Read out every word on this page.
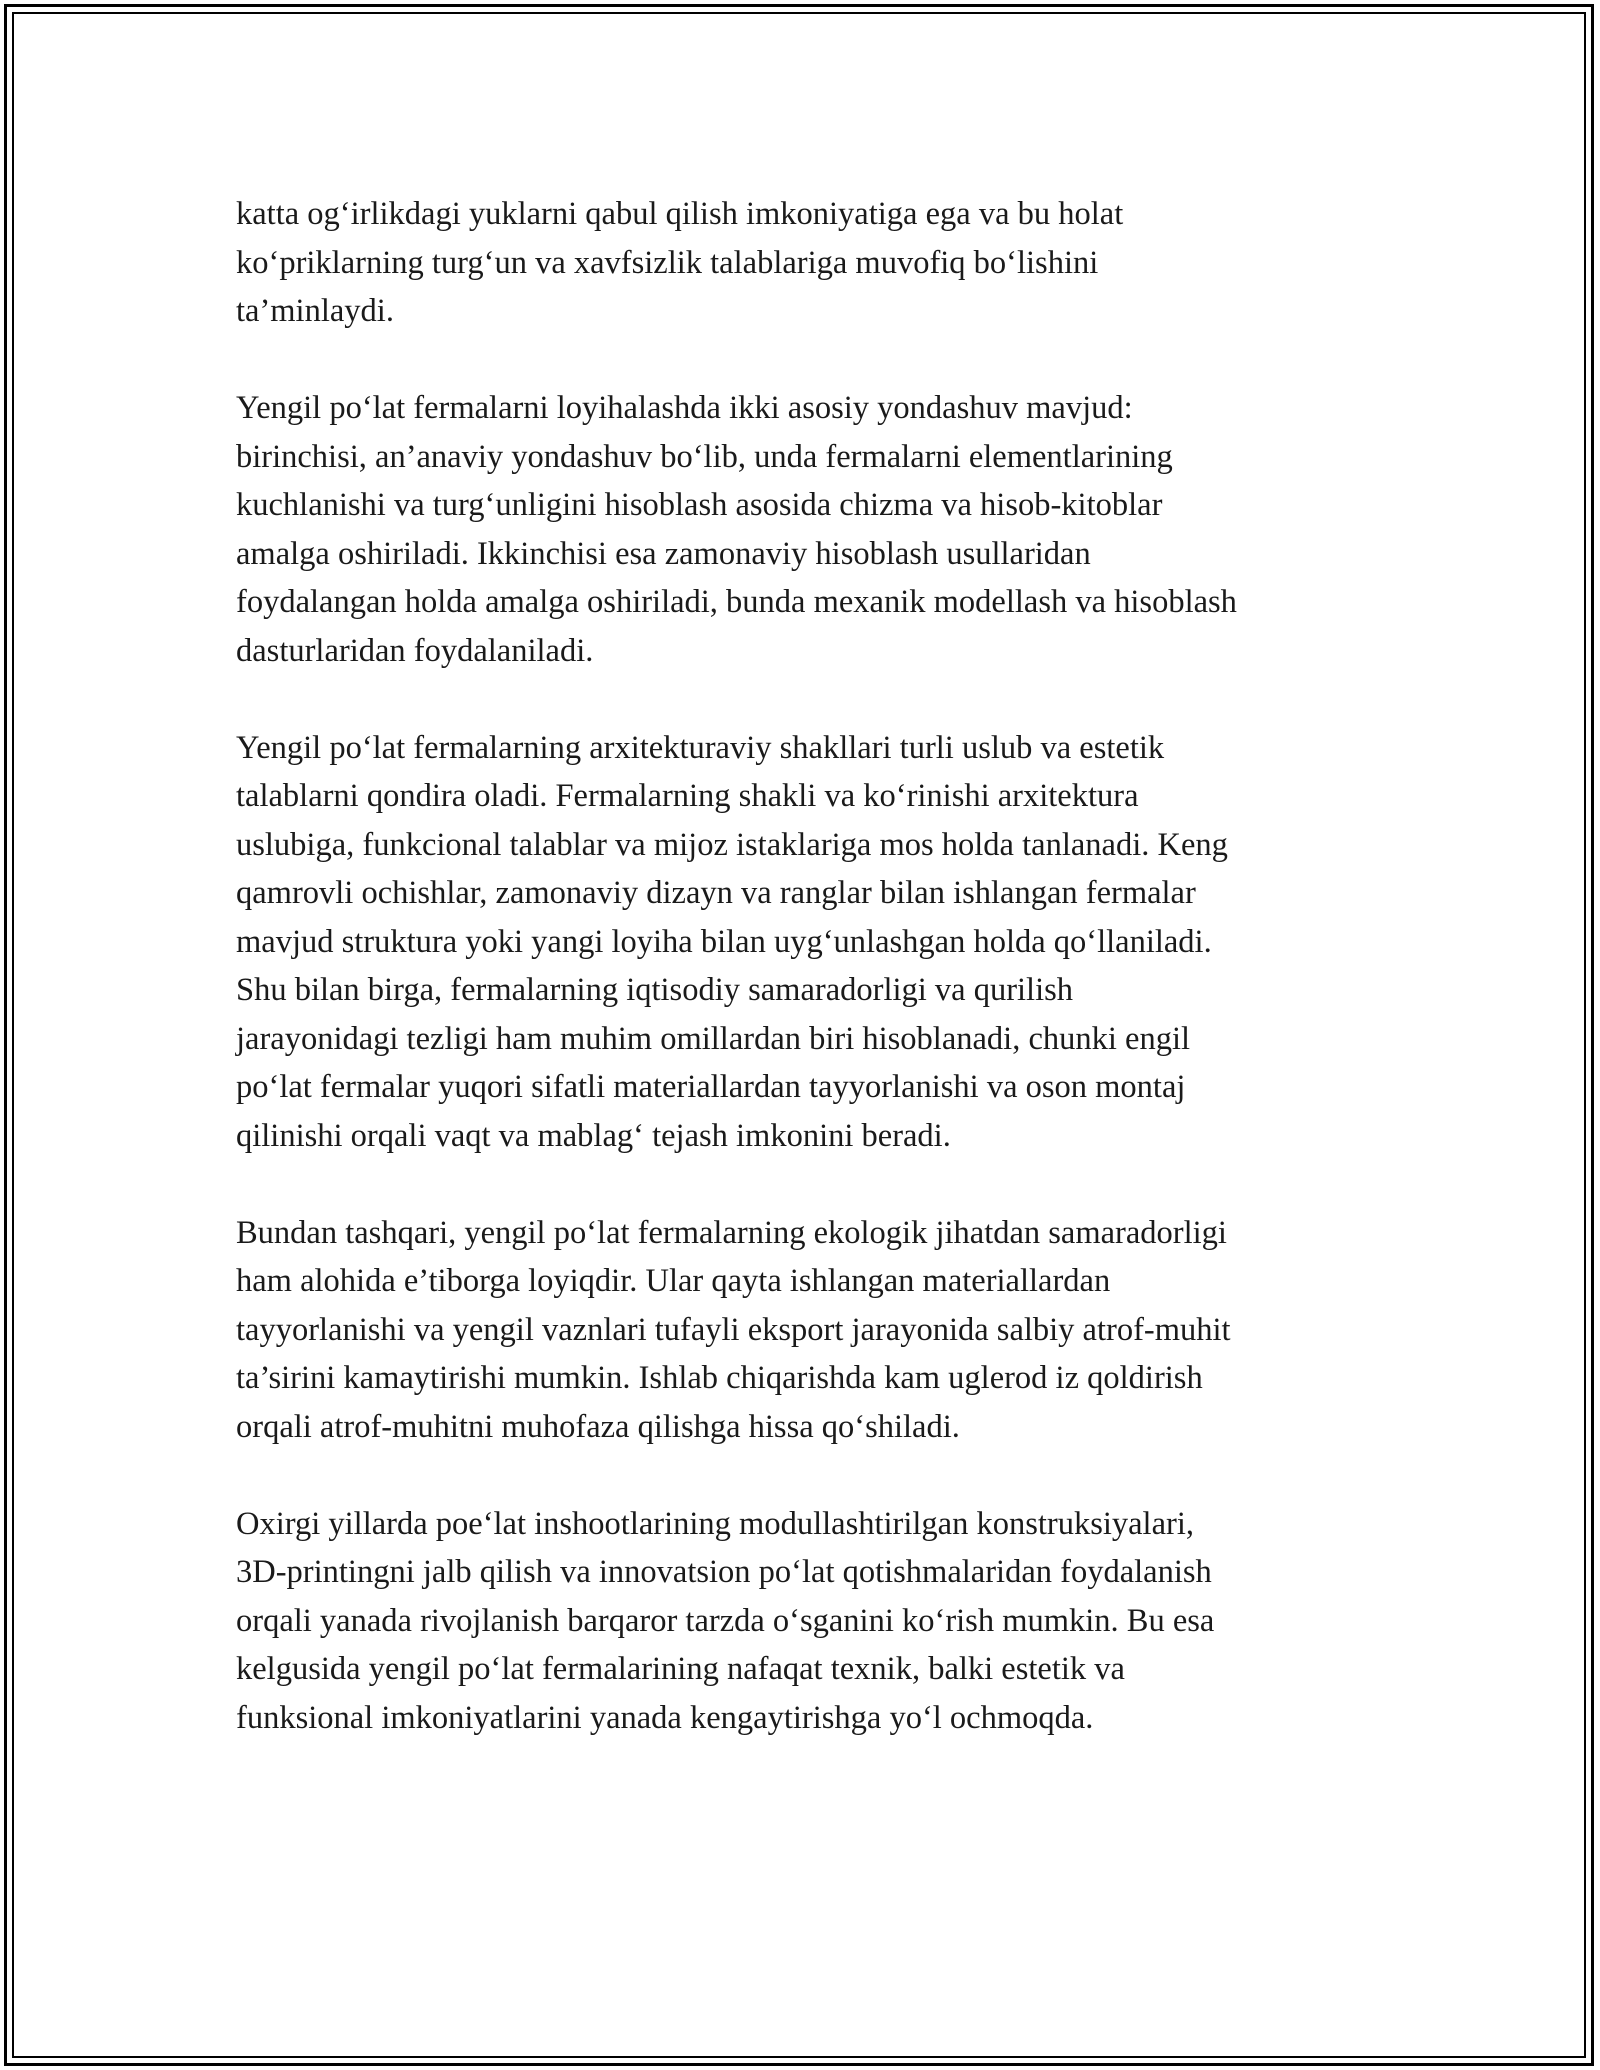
katta og‘irlikdagi yuklarni qabul qilish imkoniyatiga ega va bu holat
ko‘priklarning turg‘un va xavfsizlik talablariga muvofiq bo‘lishini
ta’minlaydi.

Yengil po‘lat fermalarni loyihalashda ikki asosiy yondashuv mavjud:
birinchisi, an’anaviy yondashuv bo‘lib, unda fermalarni elementlarining
kuchlanishi va turg‘unligini hisoblash asosida chizma va hisob-kitoblar
amalga oshiriladi. Ikkinchisi esa zamonaviy hisoblash usullaridan
foydalangan holda amalga oshiriladi, bunda mexanik modellash va hisoblash
dasturlaridan foydalaniladi.

Yengil po‘lat fermalarning arxitekturaviy shakllari turli uslub va estetik
talablarni qondira oladi. Fermalarning shakli va ko‘rinishi arxitektura
uslubiga, funkcional talablar va mijoz istaklariga mos holda tanlanadi. Keng
qamrovli ochishlar, zamonaviy dizayn va ranglar bilan ishlangan fermalar
mavjud struktura yoki yangi loyiha bilan uyg‘unlashgan holda qo‘llaniladi.
Shu bilan birga, fermalarning iqtisodiy samaradorligi va qurilish
jarayonidagi tezligi ham muhim omillardan biri hisoblanadi, chunki engil
po‘lat fermalar yuqori sifatli materiallardan tayyorlanishi va oson montaj
qilinishi orqali vaqt va mablag‘ tejash imkonini beradi.

Bundan tashqari, yengil po‘lat fermalarning ekologik jihatdan samaradorligi
ham alohida e’tiborga loyiqdir. Ular qayta ishlangan materiallardan
tayyorlanishi va yengil vaznlari tufayli eksport jarayonida salbiy atrof-muhit
ta’sirini kamaytirishi mumkin. Ishlab chiqarishda kam uglerod iz qoldirish
orqali atrof-muhitni muhofaza qilishga hissa qo‘shiladi.

Oxirgi yillarda poe‘lat inshootlarining modullashtirilgan konstruksiyalari,
3D-printingni jalb qilish va innovatsion po‘lat qotishmalaridan foydalanish
orqali yanada rivojlanish barqaror tarzda o‘sganini ko‘rish mumkin. Bu esa
kelgusida yengil po‘lat fermalarining nafaqat texnik, balki estetik va
funksional imkoniyatlarini yanada kengaytirishga yo‘l ochmoqda.
